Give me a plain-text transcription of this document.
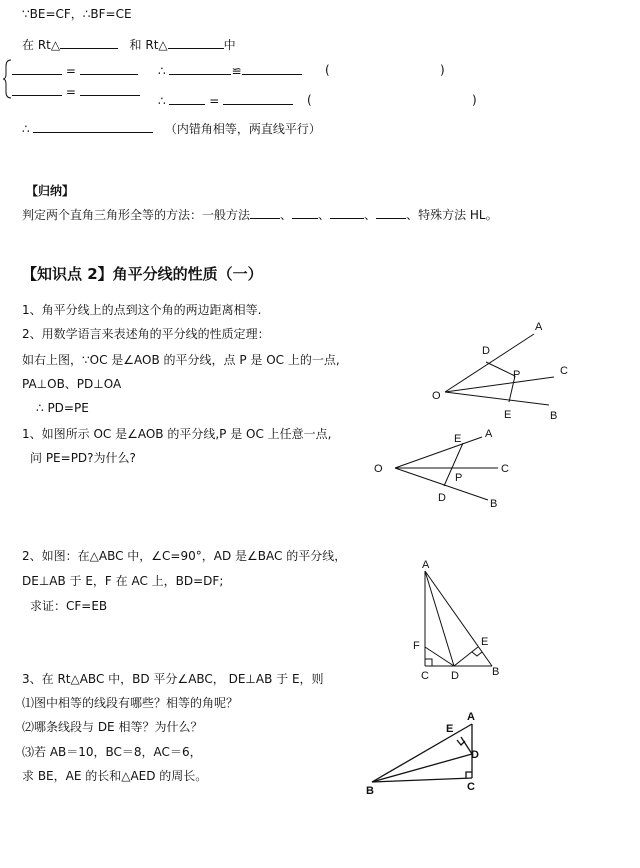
∵BE=CF，∴BF=CE
在 Rt△	和 Rt△	中
=	∴	≌	(	)
=
∴	=	(	)
∴	（内错角相等，两直线平行）
【归纳】
判定两个直角三角形全等的方法：一般方法	、 、	、	、特殊方法 HL。
【知识点 2】角平分线的性质（一）
1、角平分线上的点到这个角的两边距离相等.
2、用数学语言来表述角的平分线的性质定理：
如右上图，∵OC 是∠AOB 的平分线，点 P 是 OC 上的一点,
PA⊥OB、PD⊥OA
∴ PD=PE
1、如图所示 OC 是∠AOB 的平分线,P 是 OC 上任意一点,
问 PE=PD?为什么?
2、如图：在△ABC 中，∠C=90°，AD 是∠BAC 的平分线，
DE⊥AB 于 E，F 在 AC 上，BD=DF;
求证：CF=EB
3、在 Rt△ABC 中，BD 平分∠ABC， DE⊥AB 于 E，则
⑴图中相等的线段有哪些？相等的角呢？
⑵哪条线段与 DE 相等？为什么？
⑶若 AB＝10，BC＝8，AC＝6，
求 BE，AE 的长和△AED 的周长。
A
C
B
D
P
E
O
A
E
C
P
D	B
O
A
F	E
C D	B
A
E
D
C
B
